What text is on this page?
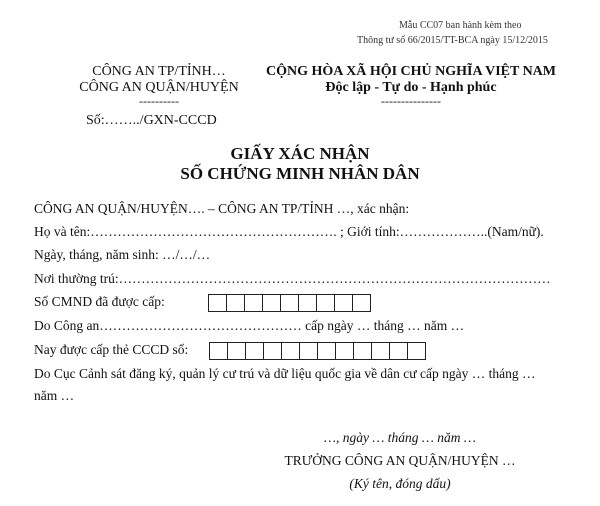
Mẫu CC07 ban hành kèm theo
Thông tư số 66/2015/TT-BCA ngày 15/12/2015
CÔNG AN TP/TỈNH…
CÔNG AN QUẬN/HUYỆN
----------
Số:……../GXN-CCCD
CỘNG HÒA XÃ HỘI CHỦ NGHĨA VIỆT NAM
Độc lập - Tự do - Hạnh phúc
---------------
GIẤY XÁC NHẬN
SỐ CHỨNG MINH NHÂN DÂN
CÔNG AN QUẬN/HUYỆN…. – CÔNG AN TP/TỈNH …, xác nhận:
Họ và tên:………………………………………………. ; Giới tính:………………..(Nam/nữ).
Ngày, tháng, năm sinh: …/…/…
Nơi thường trú:……………………………………………………………………………………
Số CMND đã được cấp:
Do Công an……………………………………… cấp ngày … tháng … năm …
Nay được cấp thẻ CCCD số:
Do Cục Cảnh sát đăng ký, quản lý cư trú và dữ liệu quốc gia về dân cư cấp ngày … tháng …
năm …
…, ngày … tháng … năm …
TRƯỞNG CÔNG AN QUẬN/HUYỆN …
(Ký tên, đóng dấu)
